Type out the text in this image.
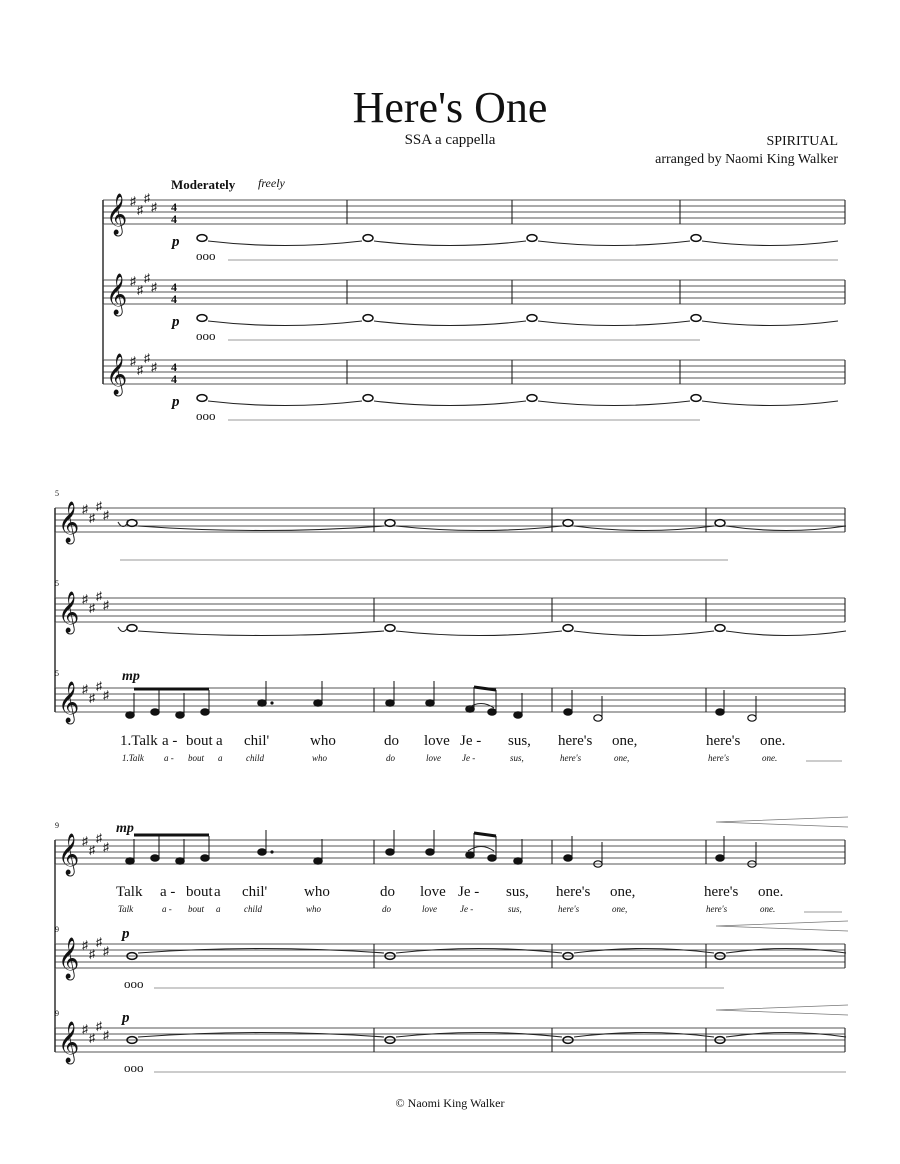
Here's One
SSA a cappella	SPIRITUAL
arranged by Naomi King Walker
Moderately freely
𝄞 ♯
♯
♯
♯ 4
4
p
ooo
𝄞 ♯
♯
♯
♯ 4
4
p
ooo
𝄞 ♯
♯
♯
♯ 4
4
p
ooo
𝄞 ♯
♯
♯
♯
5
𝄞 ♯
♯
♯
♯
5
𝄞 ♯
♯
♯
♯
5	mp
1.Talk a - bout a chil'	who	do love Je - sus, here's one,	here's one.
1.Talk a - bout a	child	who	do	love Je -	sus,	here's	one,	here's	one.
𝄞 ♯
♯
♯
♯
9
𝄞 ♯
♯
♯
♯
9
𝄞 ♯
♯
♯
♯
9
mp
Talk a - bout a chil' who	do love Je - sus, here's one,	here's one.
Talk	a - bout a	child	who	do	love	Je -	sus,	here's	one,	here's	one.
p
ooo
p
ooo
© Naomi King Walker
